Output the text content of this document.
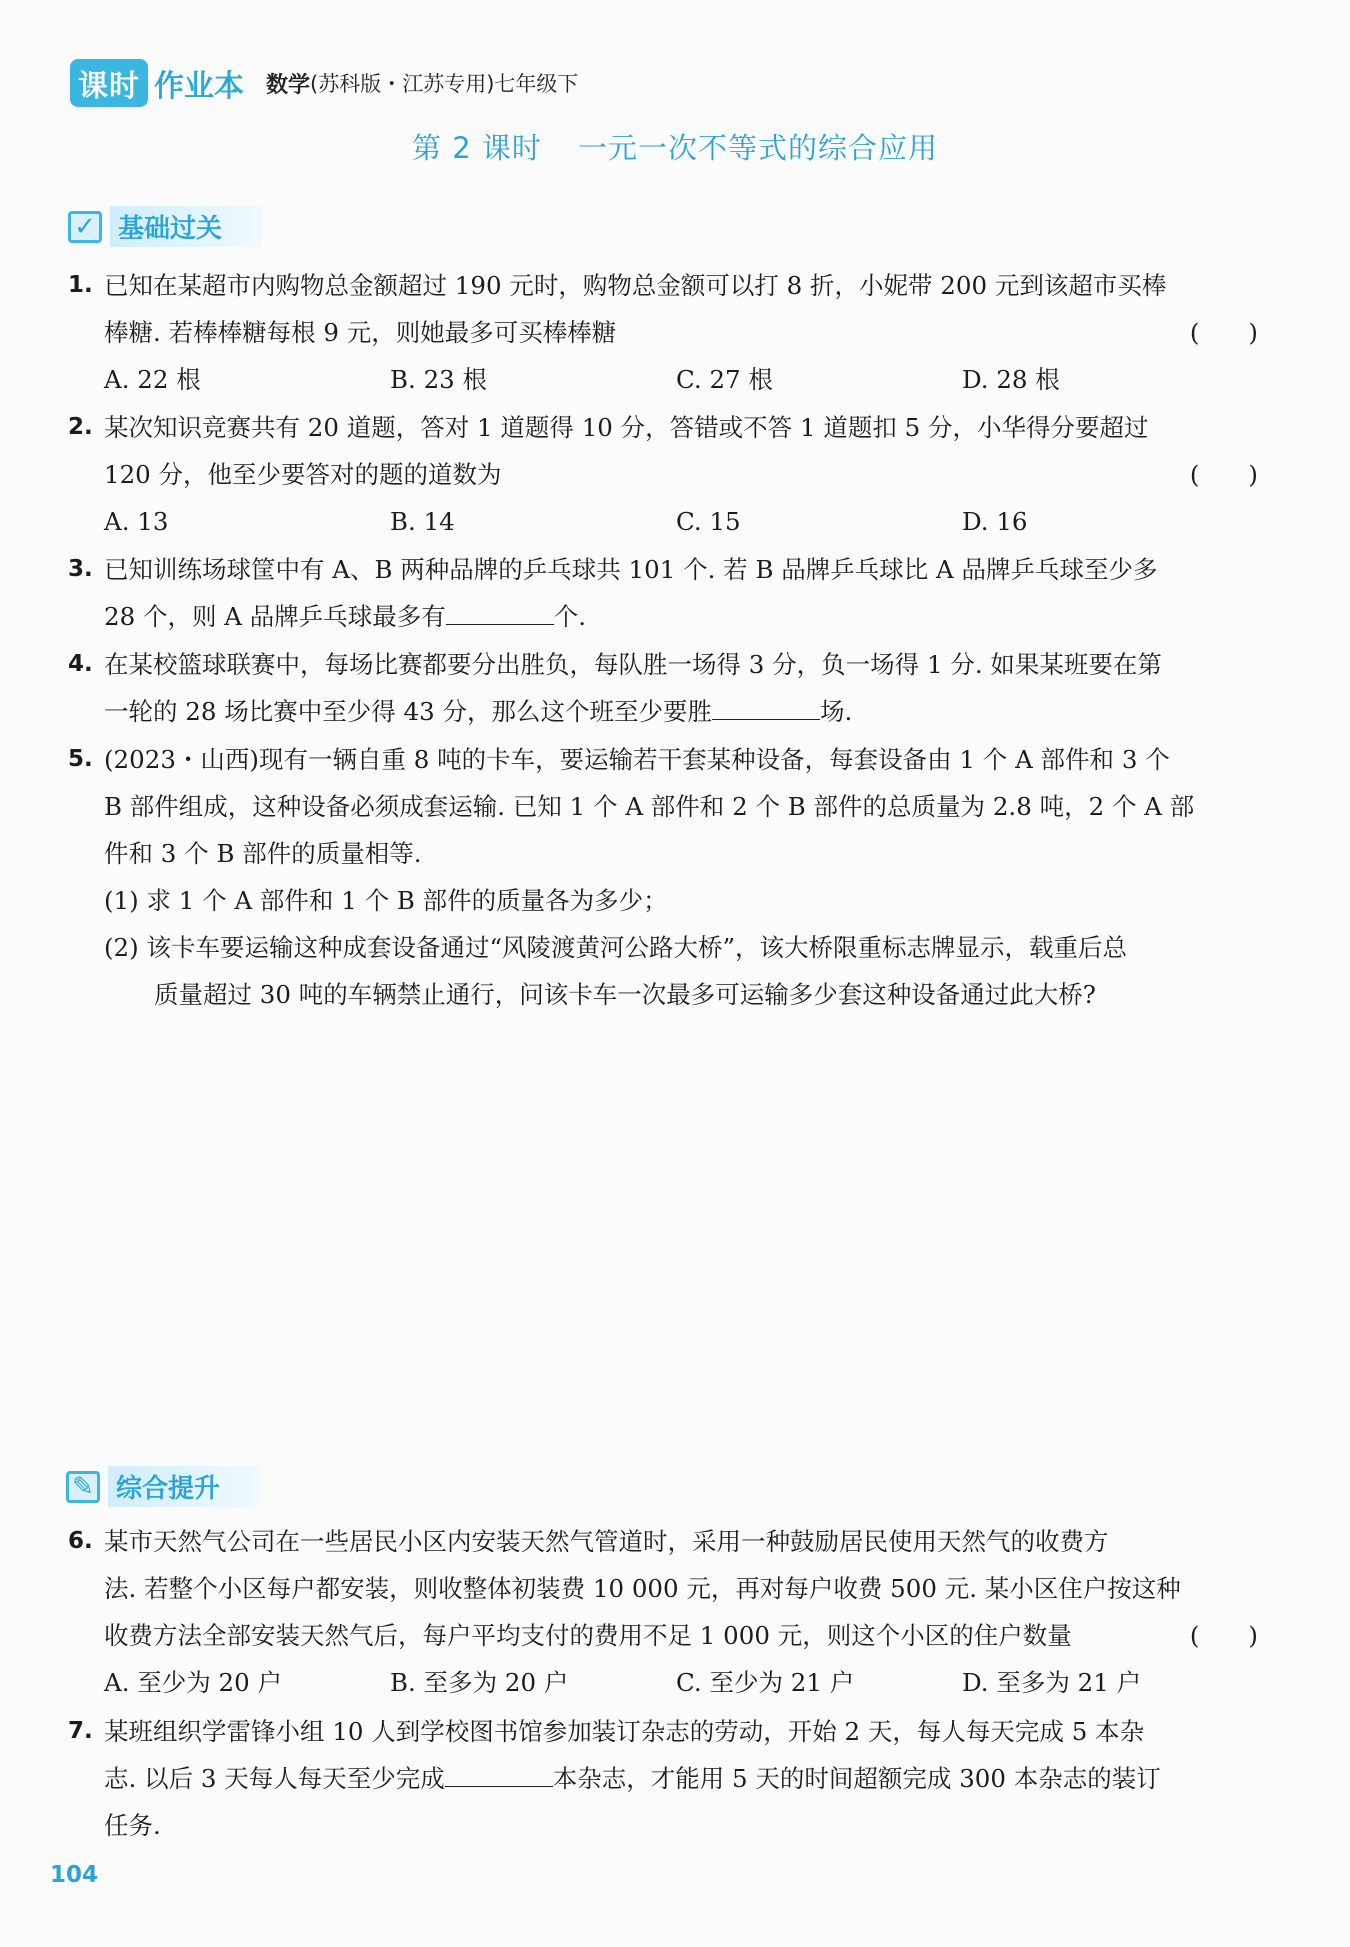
课时 作业本 数学 (苏科版・江苏专用)七年级下
第 2 课时 一元一次不等式的综合应用
✓ 基础过关
1. 已知在某超市内购物总金额超过 190 元时，购物总金额可以打 8 折，小妮带 200 元到该超市买棒
棒糖. 若棒棒糖每根 9 元，则她最多可买棒棒糖	(　　)
A. 22 根	B. 23 根	C. 27 根	D. 28 根
2. 某次知识竞赛共有 20 道题，答对 1 道题得 10 分，答错或不答 1 道题扣 5 分，小华得分要超过
120 分，他至少要答对的题的道数为	(　　)
A. 13	B. 14	C. 15	D. 16
3. 已知训练场球筐中有 A、B 两种品牌的乒乓球共 101 个. 若 B 品牌乒乓球比 A 品牌乒乓球至少多
28 个，则 A 品牌乒乓球最多有	个.
4. 在某校篮球联赛中，每场比赛都要分出胜负，每队胜一场得 3 分，负一场得 1 分. 如果某班要在第
一轮的 28 场比赛中至少得 43 分，那么这个班至少要胜	场.
5. (2023・山西)现有一辆自重 8 吨的卡车，要运输若干套某种设备，每套设备由 1 个 A 部件和 3 个
B 部件组成，这种设备必须成套运输. 已知 1 个 A 部件和 2 个 B 部件的总质量为 2.8 吨，2 个 A 部
件和 3 个 B 部件的质量相等.
(1) 求 1 个 A 部件和 1 个 B 部件的质量各为多少；
(2) 该卡车要运输这种成套设备通过“风陵渡黄河公路大桥”，该大桥限重标志牌显示，载重后总
质量超过 30 吨的车辆禁止通行，问该卡车一次最多可运输多少套这种设备通过此大桥?
✎ 综合提升
6. 某市天然气公司在一些居民小区内安装天然气管道时，采用一种鼓励居民使用天然气的收费方
法. 若整个小区每户都安装，则收整体初装费 10 000 元，再对每户收费 500 元. 某小区住户按这种
收费方法全部安装天然气后，每户平均支付的费用不足 1 000 元，则这个小区的住户数量	(　　)
A. 至少为 20 户	B. 至多为 20 户	C. 至少为 21 户	D. 至多为 21 户
7. 某班组织学雷锋小组 10 人到学校图书馆参加装订杂志的劳动，开始 2 天，每人每天完成 5 本杂
志. 以后 3 天每人每天至少完成	本杂志，才能用 5 天的时间超额完成 300 本杂志的装订
任务.
104
